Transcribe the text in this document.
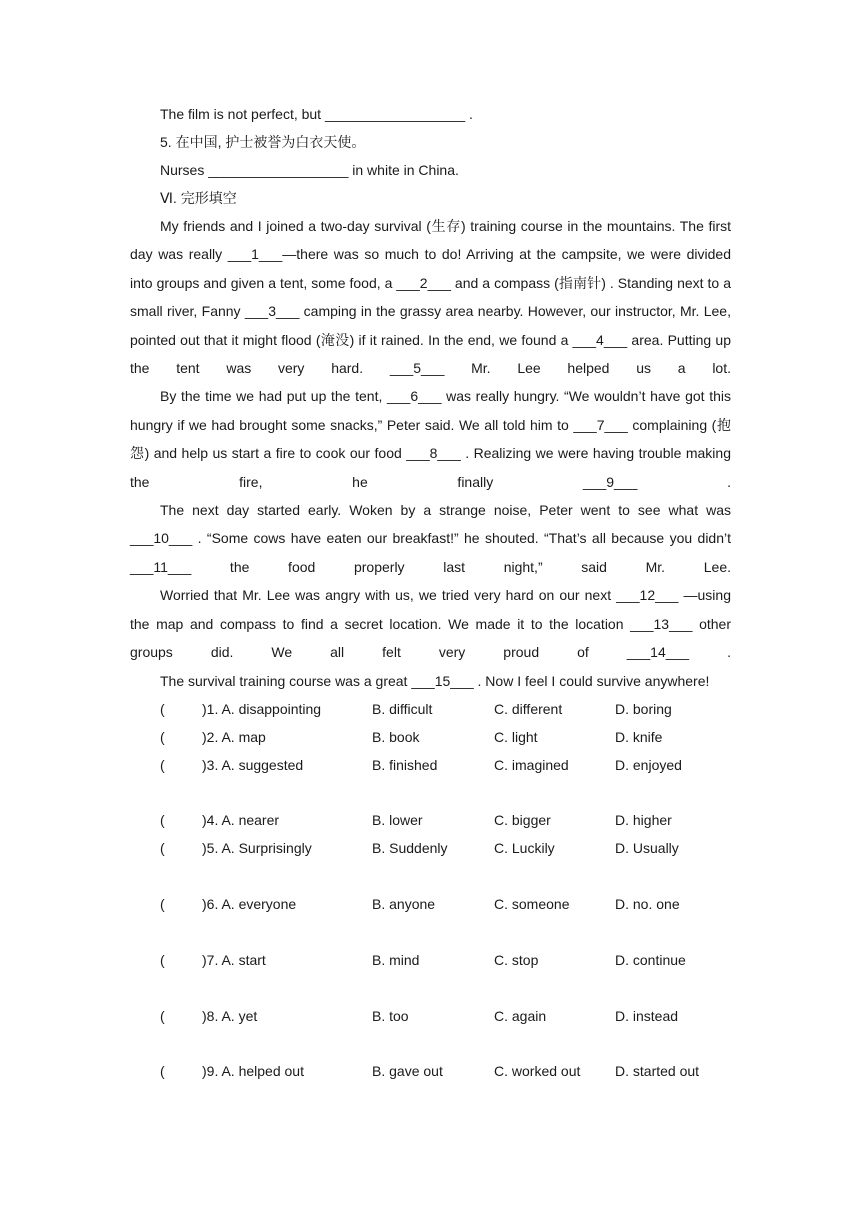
The film is not perfect, but __________________ .
5. 在中国, 护士被誉为白衣天使。
Nurses __________________ in white in China.
Ⅵ. 完形填空

My friends and I joined a two-day survival (生存) training course in the mountains. The first day was really ___1___—there was so much to do! Arriving at the campsite, we were divided into groups and given a tent, some food, a ___2___ and a compass (指南针) . Standing next to a small river, Fanny ___3___ camping in the grassy area nearby. However, our instructor, Mr. Lee, pointed out that it might flood (淹没) if it rained. In the end, we found a ___4___ area. Putting up the tent was very hard. ___5___ Mr. Lee helped us a lot.

By the time we had put up the tent, ___6___ was really hungry. “We wouldn’t have got this hungry if we had brought some snacks,” Peter said. We all told him to ___7___ complaining (抱怨) and help us start a fire to cook our food ___8___ . Realizing we were having trouble making the fire, he finally ___9___ .

The next day started early. Woken by a strange noise, Peter went to see what was ___10___ . “Some cows have eaten our breakfast!” he shouted. “That’s all because you didn’t ___11___ the food properly last night,” said Mr. Lee.

Worried that Mr. Lee was angry with us, we tried very hard on our next ___12___ —using the map and compass to find a secret location. We made it to the location ___13___ other groups did. We all felt very proud of ___14___ .

The survival training course was a great ___15___ . Now I feel I could survive anywhere!
(	)1. A. disappointing	B. difficult	C. different	D. boring
(	)2. A. map	B. book	C. light	D. knife
(	)3. A. suggested	B. finished	C. imagined	D. enjoyed
(	)4. A. nearer	B. lower	C. bigger	D. higher
(	)5. A. Surprisingly	B. Suddenly	C. Luckily	D. Usually
(	)6. A. everyone	B. anyone	C. someone	D. no. one
(	)7. A. start	B. mind	C. stop	D. continue
(	)8. A. yet	B. too	C. again	D. instead
(	)9. A. helped out	B. gave out	C. worked out D. started out
